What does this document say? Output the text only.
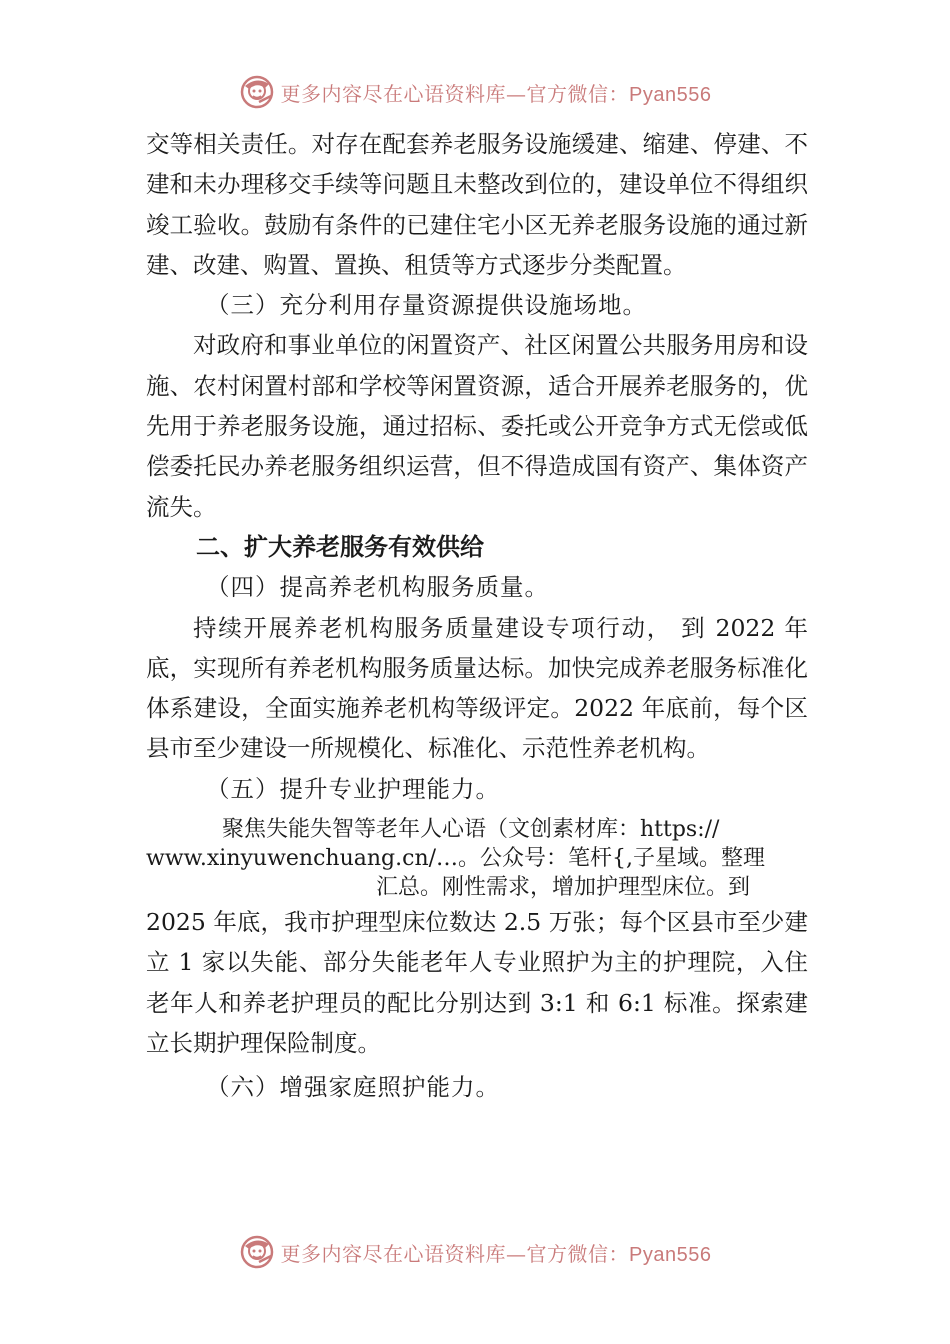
更多内容尽在心语资料库—官方微信：Pyan556

交等相关责任。对存在配套养老服务设施缓建、缩建、停建、不建和未办理移交手续等问题且未整改到位的，建设单位不得组织竣工验收。鼓励有条件的已建住宅小区无养老服务设施的通过新建、改建、购置、置换、租赁等方式逐步分类配置。

（三）充分利用存量资源提供设施场地。

对政府和事业单位的闲置资产、社区闲置公共服务用房和设施、农村闲置村部和学校等闲置资源，适合开展养老服务的，优先用于养老服务设施，通过招标、委托或公开竞争方式无偿或低偿委托民办养老服务组织运营，但不得造成国有资产、集体资产流失。

二、扩大养老服务有效供给

（四）提高养老机构服务质量。

持续开展养老机构服务质量建设专项行动， 到 2022 年底，实现所有养老机构服务质量达标。加快完成养老服务标准化体系建设，全面实施养老机构等级评定。2022 年底前，每个区县市至少建设一所规模化、标准化、示范性养老机构。

（五）提升专业护理能力。

聚焦失能失智等老年人心语（文创素材库：https://
www.xinyuwenchuang.cn/…。公众号：笔杆{,子星域。整理
汇总。刚性需求，增加护理型床位。到

2025 年底，我市护理型床位数达 2.5 万张；每个区县市至少建立 1 家以失能、部分失能老年人专业照护为主的护理院，入住老年人和养老护理员的配比分别达到 3:1 和 6:1 标准。探索建立长期护理保险制度。

（六）增强家庭照护能力。

更多内容尽在心语资料库—官方微信：Pyan556
